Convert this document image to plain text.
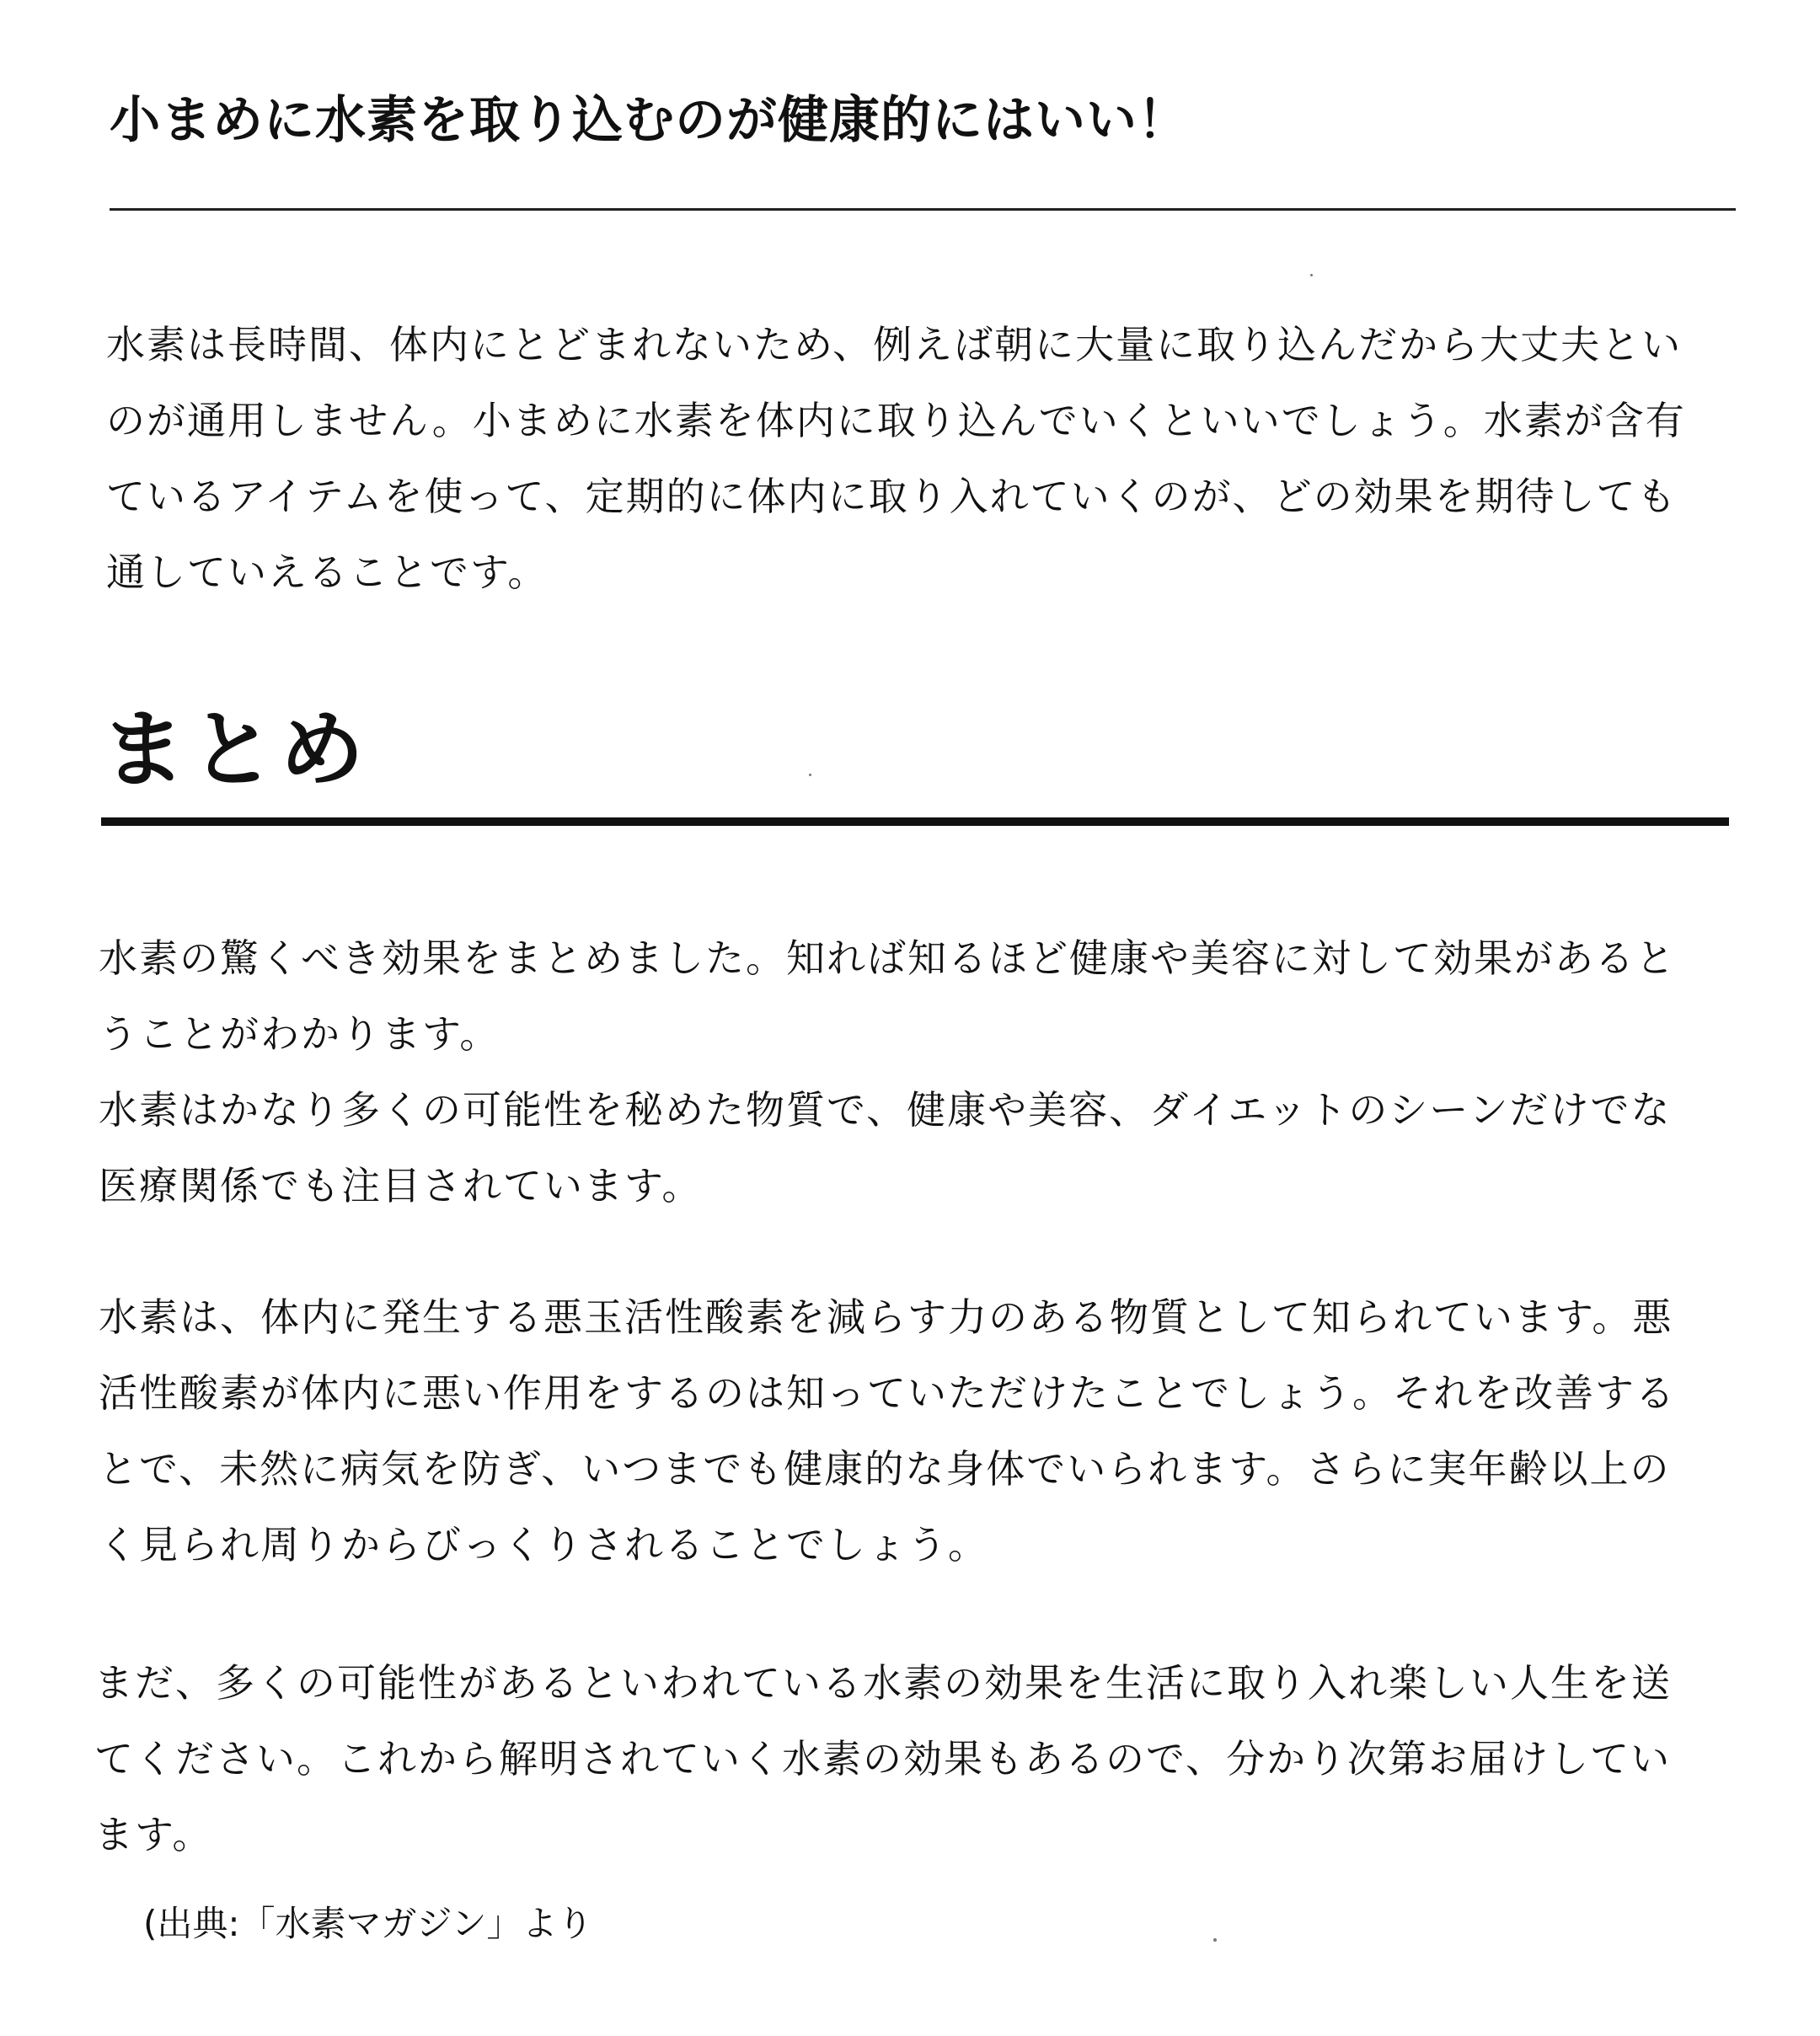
小まめに水素を取り込むのが健康的にはいい！
水素は長時間、体内にとどまれないため、例えば朝に大量に取り込んだから大丈夫とい
のが通用しません。小まめに水素を体内に取り込んでいくといいでしょう。水素が含有
ているアイテムを使って、定期的に体内に取り入れていくのが、どの効果を期待しても
通していえることです。
まとめ
水素の驚くべき効果をまとめました。知れば知るほど健康や美容に対して効果があると
うことがわかります。
水素はかなり多くの可能性を秘めた物質で、健康や美容、ダイエットのシーンだけでな
医療関係でも注目されています。
水素は、体内に発生する悪玉活性酸素を減らす力のある物質として知られています。悪
活性酸素が体内に悪い作用をするのは知っていただけたことでしょう。それを改善する
とで、未然に病気を防ぎ、いつまでも健康的な身体でいられます。さらに実年齢以上の
く見られ周りからびっくりされることでしょう。
まだ、多くの可能性があるといわれている水素の効果を生活に取り入れ楽しい人生を送
てください。これから解明されていく水素の効果もあるので、分かり次第お届けしてい
ます。
(出典:「水素マガジン」より
